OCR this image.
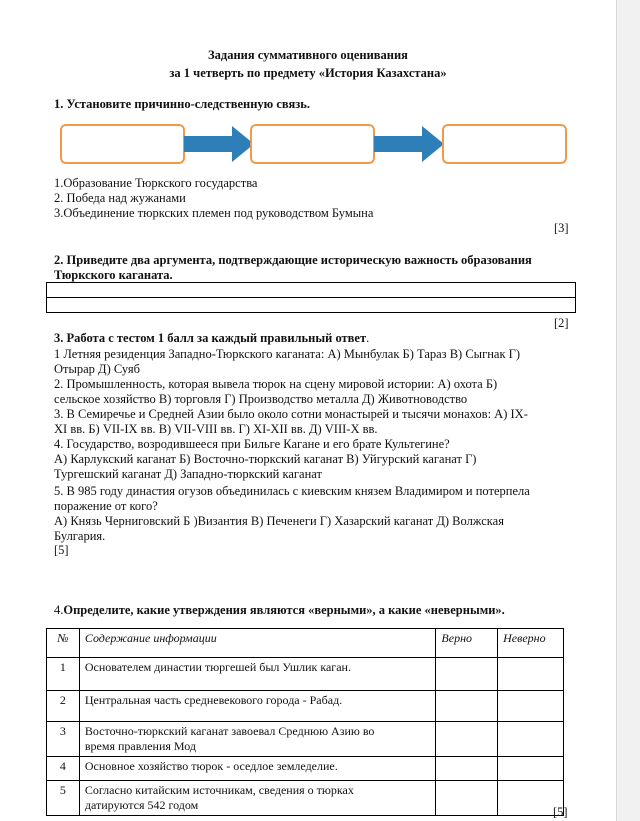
Задания суммативного оценивания
за 1 четверть по предмету «История Казахстана»
1. Установите причинно-следственную связь.
1.Образование Тюркского государства
2. Победа над жужанами
3.Объединение тюркских племен под руководством Бумына
[3]
2. Приведите два аргумента, подтверждающие историческую важность образования
Тюркского каганата.
[2]
3. Работа с тестом 1 балл за каждый правильный ответ.
1 Летняя резиденция Западно-Тюркского каганата: А) Мынбулак Б) Тараз В) Сыгнак Г)
Отырар Д) Суяб
2. Промышленность, которая вывела тюрок на сцену мировой истории: А) охота Б)
сельское хозяйство В) торговля Г) Производство металла Д) Животноводство
3. В Семиречье и Средней Азии было около сотни монастырей и тысячи монахов: А) IX-
XI вв. Б) VII-IX вв. В) VII-VIII вв. Г) XI-XII вв. Д) VIII-X вв.
4. Государство, возродившееся при Бильге Кагане и его брате Культегине?
А) Карлукский каганат Б) Восточно-тюркский каганат В) Уйгурский каганат Г)
Тургешский каганат Д) Западно-тюркский каганат
5. В 985 году династия огузов объединилась с киевским князем Владимиром и потерпела
поражение от кого?
А) Князь Черниговский Б )Византия В) Печенеги Г) Хазарский каганат Д) Волжская
Булгария.
[5]
4.Определите, какие утверждения являются «верными», а какие «неверными».
№	Содержание информации	Верно	Неверно
1	Основателем династии тюргешей был Ушлик каган.		

2	Центральная часть средневекового города - Рабад.		

3	Восточно-тюркский каганат завоевал Среднюю Азию во
время правления Мод		

4	Основное хозяйство тюрок - оседлое земледелие.		

5	Согласно китайским источникам, сведения о тюрках
датируются 542 годом		
			[5]
